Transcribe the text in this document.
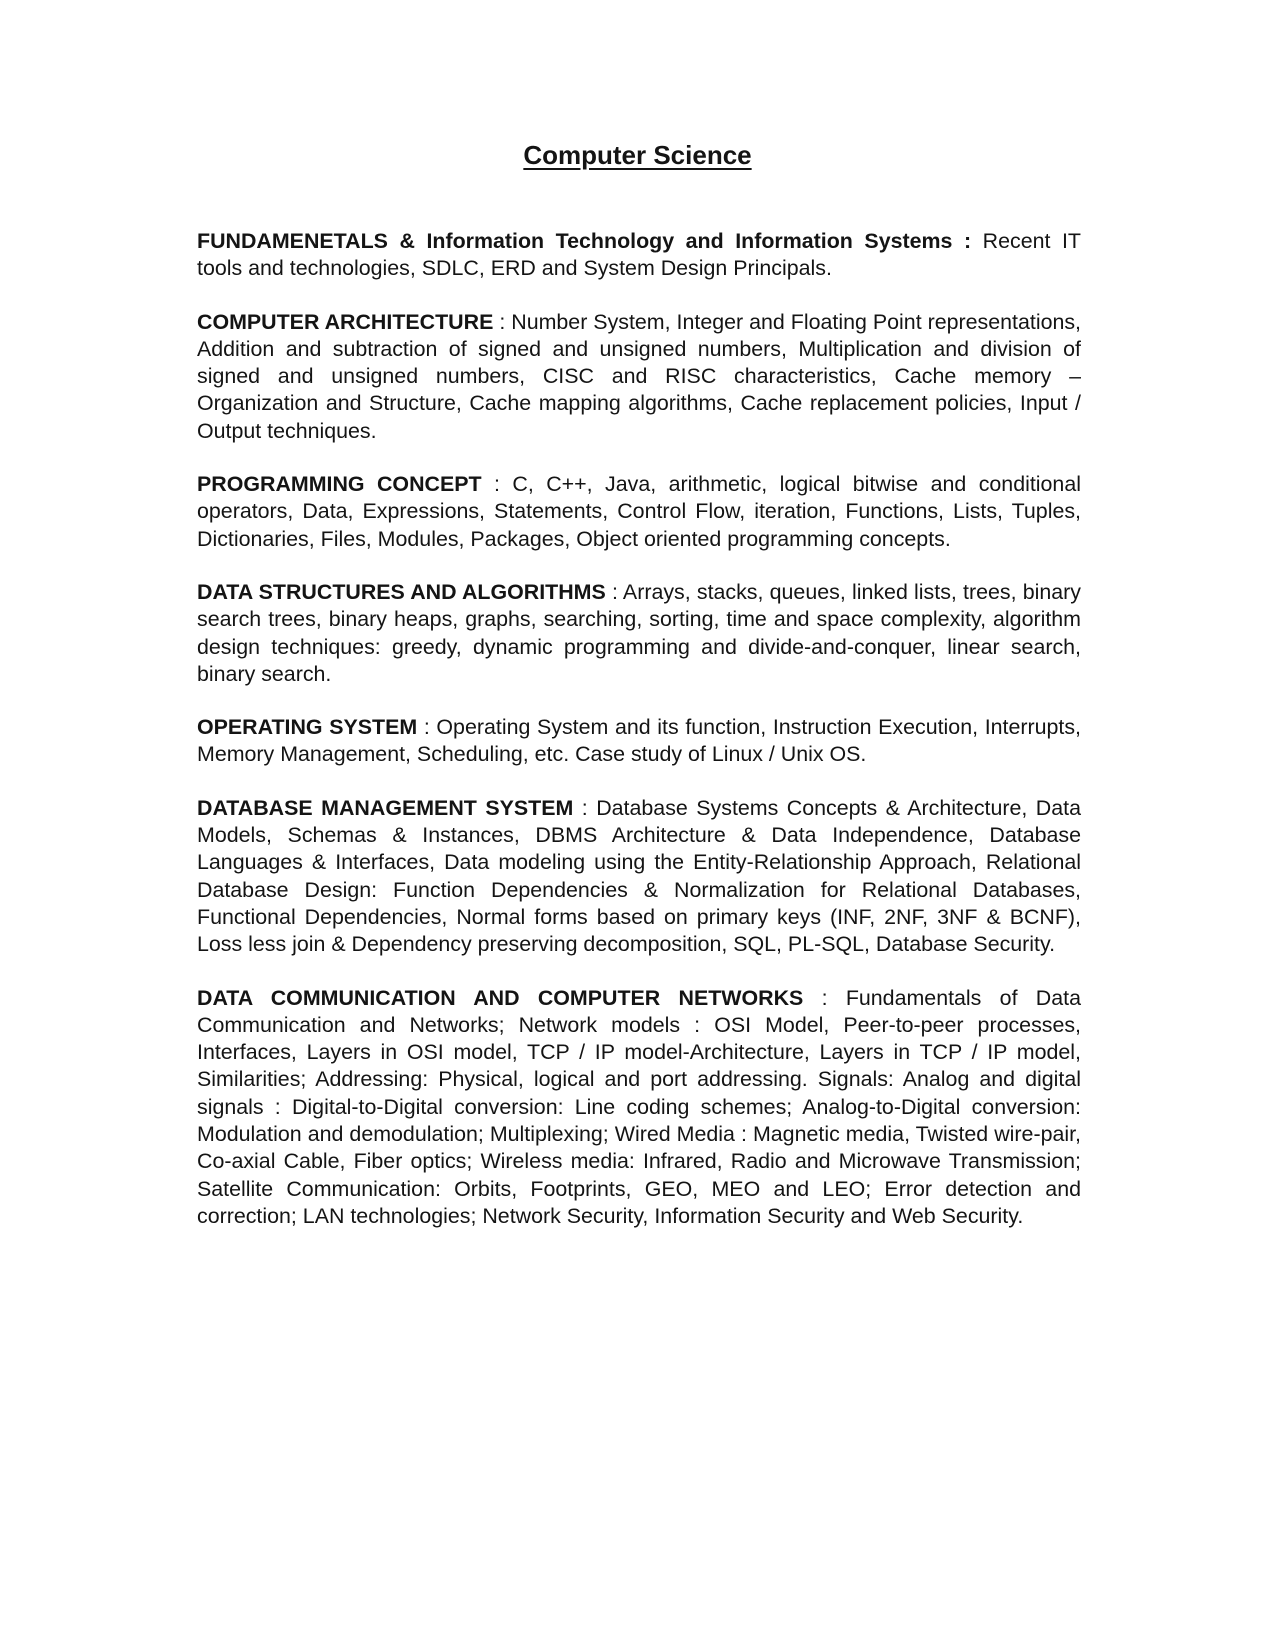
Computer Science

FUNDAMENETALS & Information Technology and Information Systems : Recent IT tools and technologies, SDLC, ERD and System Design Principals.

COMPUTER ARCHITECTURE : Number System, Integer and Floating Point representations, Addition and subtraction of signed and unsigned numbers, Multiplication and division of signed and unsigned numbers, CISC and RISC characteristics, Cache memory – Organization and Structure, Cache mapping algorithms, Cache replacement policies, Input / Output techniques.

PROGRAMMING CONCEPT : C, C++, Java, arithmetic, logical bitwise and conditional operators, Data, Expressions, Statements, Control Flow, iteration, Functions, Lists, Tuples, Dictionaries, Files, Modules, Packages, Object oriented programming concepts.

DATA STRUCTURES AND ALGORITHMS : Arrays, stacks, queues, linked lists, trees, binary search trees, binary heaps, graphs, searching, sorting, time and space complexity, algorithm design techniques: greedy, dynamic programming and divide-and-conquer, linear search, binary search.

OPERATING SYSTEM : Operating System and its function, Instruction Execution, Interrupts, Memory Management, Scheduling, etc. Case study of Linux / Unix OS.

DATABASE MANAGEMENT SYSTEM : Database Systems Concepts & Architecture, Data Models, Schemas & Instances, DBMS Architecture & Data Independence, Database Languages & Interfaces, Data modeling using the Entity-Relationship Approach, Relational Database Design: Function Dependencies & Normalization for Relational Databases, Functional Dependencies, Normal forms based on primary keys (INF, 2NF, 3NF & BCNF), Loss less join & Dependency preserving decomposition, SQL, PL-SQL, Database Security.

DATA COMMUNICATION AND COMPUTER NETWORKS : Fundamentals of Data Communication and Networks; Network models : OSI Model, Peer-to-peer processes, Interfaces, Layers in OSI model, TCP / IP model-Architecture, Layers in TCP / IP model, Similarities; Addressing: Physical, logical and port addressing. Signals: Analog and digital signals : Digital-to-Digital conversion: Line coding schemes; Analog-to-Digital conversion: Modulation and demodulation; Multiplexing; Wired Media : Magnetic media, Twisted wire-pair, Co-axial Cable, Fiber optics; Wireless media: Infrared, Radio and Microwave Transmission; Satellite Communication: Orbits, Footprints, GEO, MEO and LEO; Error detection and correction; LAN technologies; Network Security, Information Security and Web Security.
